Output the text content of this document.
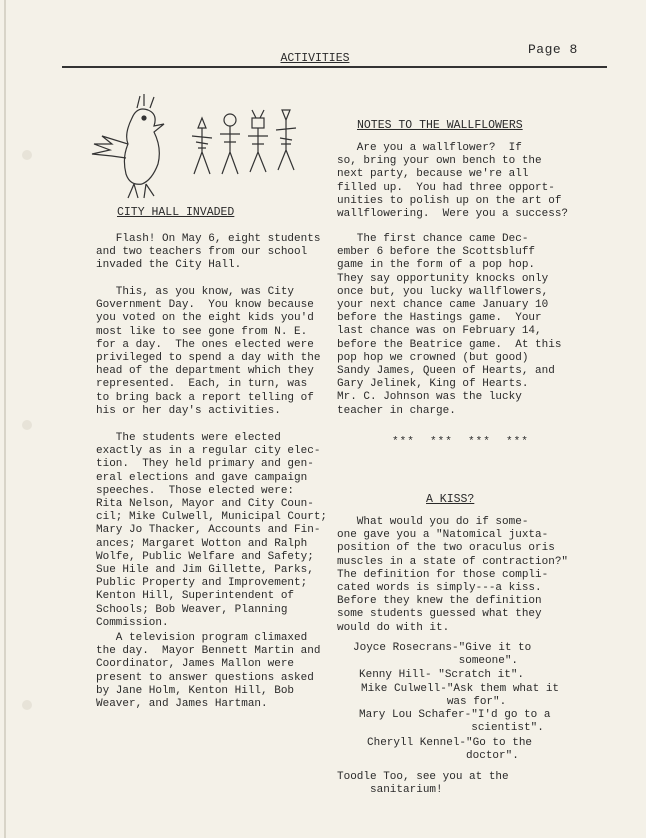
ACTIVITIES
Page 8
CITY HALL INVADED
Flash! On May 6, eight students
and two teachers from our school
invaded the City Hall.
This, as you know, was City
Government Day.  You know because
you voted on the eight kids you'd
most like to see gone from N. E.
for a day.  The ones elected were
privileged to spend a day with the
head of the department which they
represented.  Each, in turn, was
to bring back a report telling of
his or her day's activities.
The students were elected
exactly as in a regular city elec-
tion.  They held primary and gen-
eral elections and gave campaign
speeches.  Those elected were:
Rita Nelson, Mayor and City Coun-
cil; Mike Culwell, Municipal Court;
Mary Jo Thacker, Accounts and Fin-
ances; Margaret Wotton and Ralph
Wolfe, Public Welfare and Safety;
Sue Hile and Jim Gillette, Parks,
Public Property and Improvement;
Kenton Hill, Superintendent of
Schools; Bob Weaver, Planning
Commission.
A television program climaxed
the day.  Mayor Bennett Martin and
Coordinator, James Mallon were
present to answer questions asked
by Jane Holm, Kenton Hill, Bob
Weaver, and James Hartman.
NOTES TO THE WALLFLOWERS
Are you a wallflower?  If
so, bring your own bench to the
next party, because we're all
filled up.  You had three opport-
unities to polish up on the art of
wallflowering.  Were you a success?
The first chance came Dec-
ember 6 before the Scottsbluff
game in the form of a pop hop.
They say opportunity knocks only
once but, you lucky wallflowers,
your next chance came January 10
before the Hastings game.  Your
last chance was on February 14,
before the Beatrice game.  At this
pop hop we crowned (but good)
Sandy James, Queen of Hearts, and
Gary Jelinek, King of Hearts.
Mr. C. Johnson was the lucky
teacher in charge.
***  ***  ***  ***
A KISS?
What would you do if some-
one gave you a "Natomical juxta-
position of the two oraculus oris
muscles in a state of contraction?"
The definition for those compli-
cated words is simply---a kiss.
Before they knew the definition
some students guessed what they
would do with it.
Joyce Rosecrans-"Give it to
someone".
Kenny Hill- "Scratch it".
Mike Culwell-"Ask them what it
was for".
Mary Lou Schafer-"I'd go to a
scientist".
Cheryll Kennel-"Go to the
doctor".
Toodle Too, see you at the
sanitarium!
